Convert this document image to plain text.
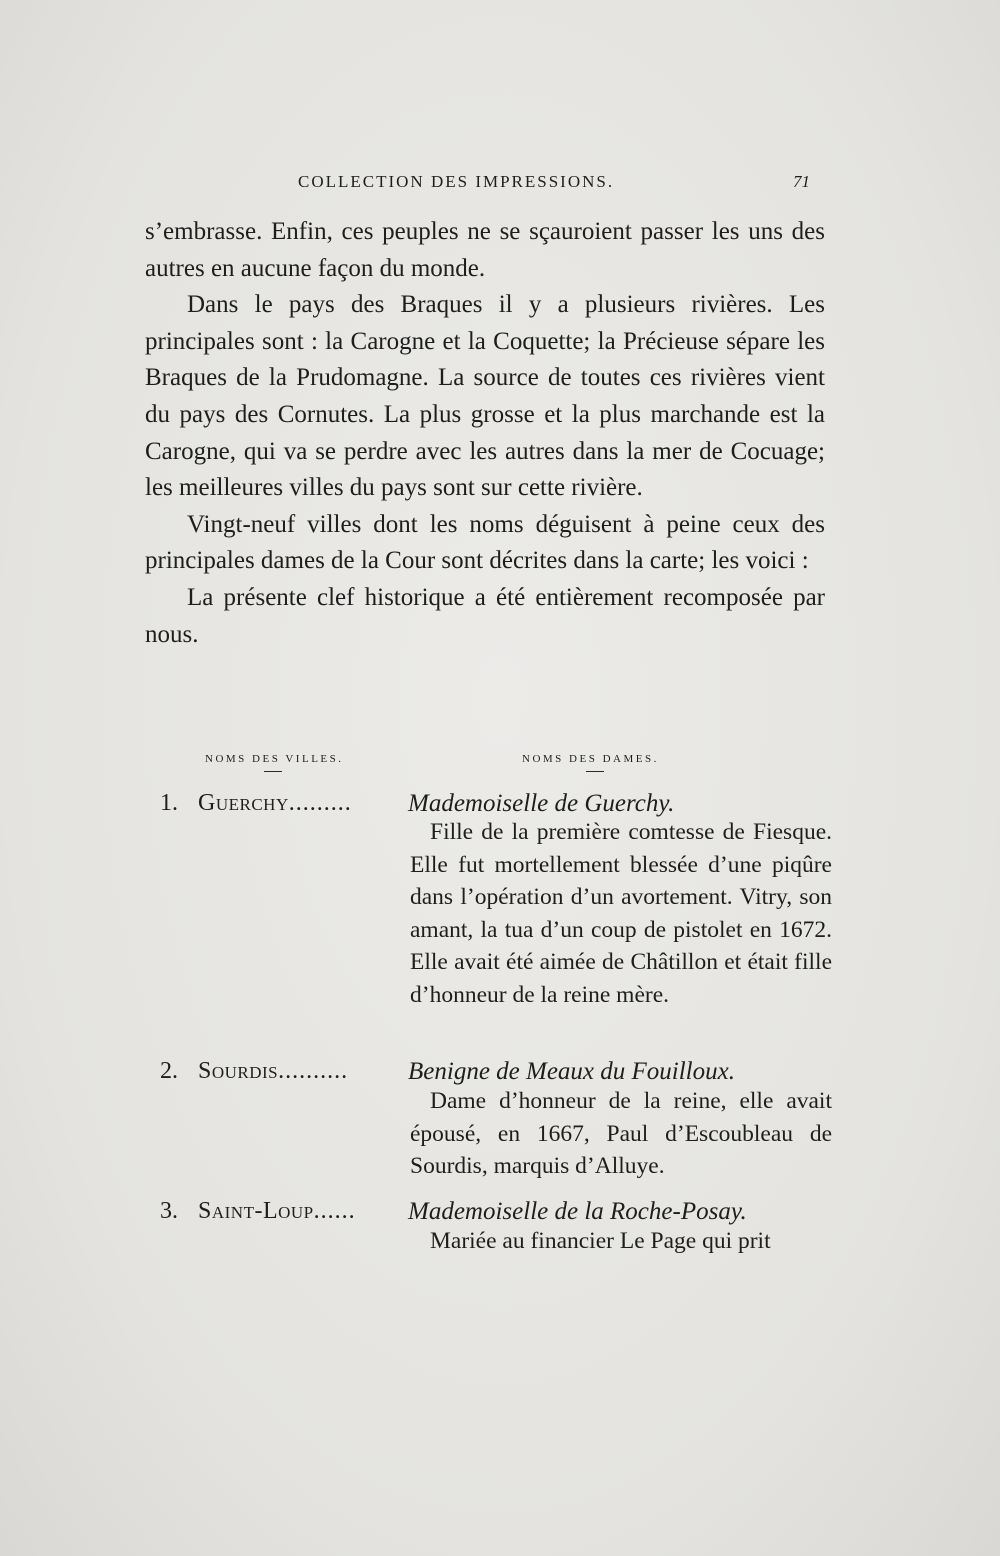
COLLECTION DES IMPRESSIONS.	71

s’embrasse. Enfin, ces peuples ne se sçauroient passer les uns des autres en aucune façon du monde.

Dans le pays des Braques il y a plusieurs rivières. Les principales sont : la Carogne et la Coquette; la Précieuse sépare les Braques de la Prudomagne. La source de toutes ces rivières vient du pays des Cornutes. La plus grosse et la plus marchande est la Carogne, qui va se perdre avec les autres dans la mer de Cocuage; les meilleures villes du pays sont sur cette rivière.

Vingt-neuf villes dont les noms déguisent à peine ceux des principales dames de la Cour sont décrites dans la carte; les voici :

La présente clef historique a été entièrement recomposée par nous.

NOMS DES VILLES.	NOMS DES DAMES.
1. Guerchy......... Mademoiselle de Guerchy.

Fille de la première comtesse de Fiesque. Elle fut mortellement blessée d’une piqûre dans l’opération d’un avortement. Vitry, son amant, la tua d’un coup de pistolet en 1672. Elle avait été aimée de Châtillon et était fille d’honneur de la reine mère.

2. Sourdis.......... Benigne de Meaux du Fouilloux.

Dame d’honneur de la reine, elle avait épousé, en 1667, Paul d’Escoubleau de Sourdis, marquis d’Alluye.

3. Saint-Loup...... Mademoiselle de la Roche-Posay.

Mariée au financier Le Page qui prit
